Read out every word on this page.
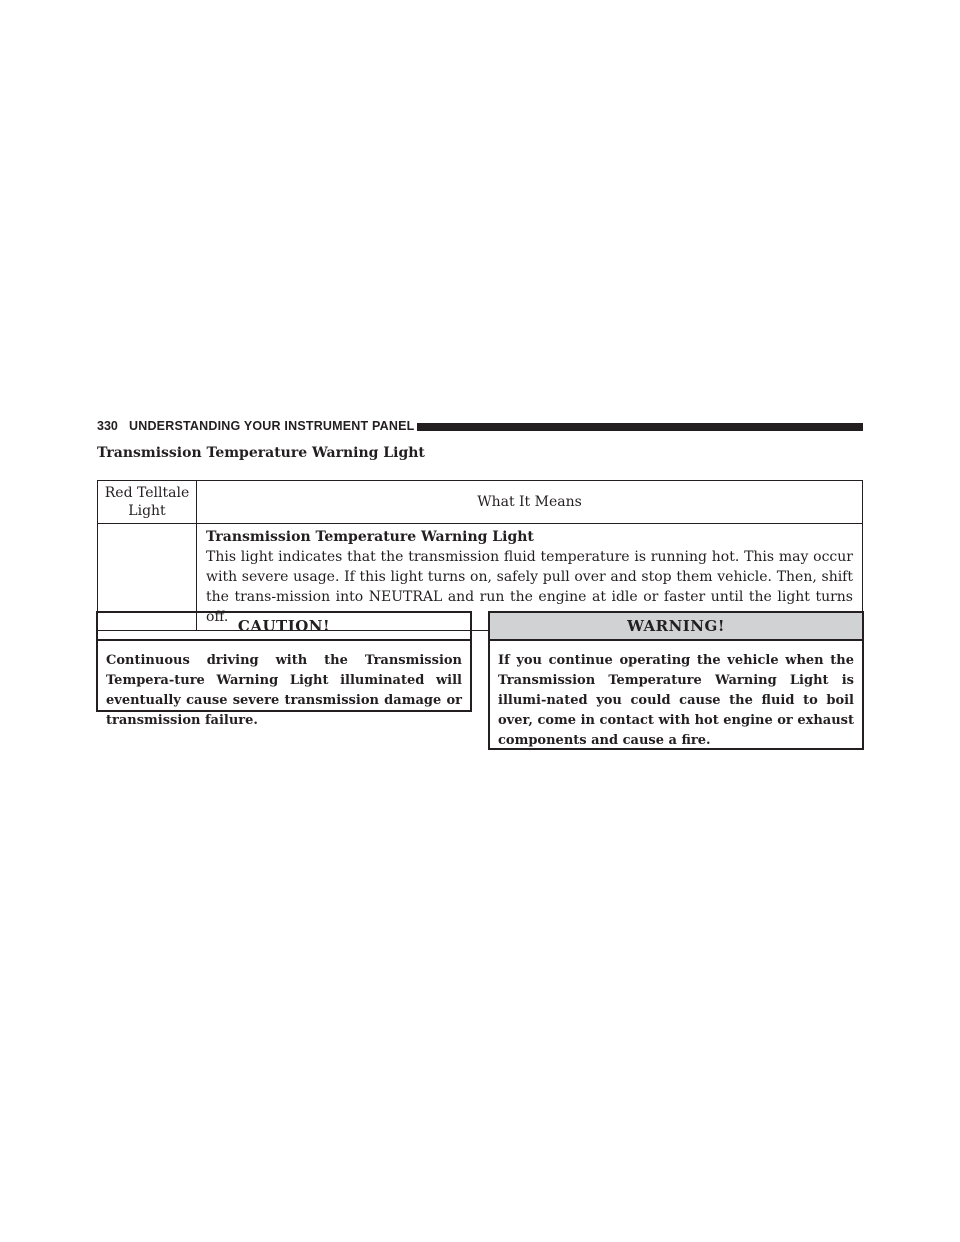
330 UNDERSTANDING YOUR INSTRUMENT PANEL
Transmission Temperature Warning Light
Red Telltale Light	What It Means

	Transmission Temperature Warning Light
This light indicates that the transmission fluid temperature is running hot. This may occur with severe usage. If this light turns on, safely pull over and stop them vehicle. Then, shift the trans-mission into NEUTRAL and run the engine at idle or faster until the light turns off. CAUTION!
Continuous driving with the Transmission Tempera-ture Warning Light illuminated will eventually cause severe transmission damage or transmission failure.
WARNING!
If you continue operating the vehicle when the Transmission Temperature Warning Light is illumi-nated you could cause the fluid to boil over, come in contact with hot engine or exhaust components and cause a fire.
